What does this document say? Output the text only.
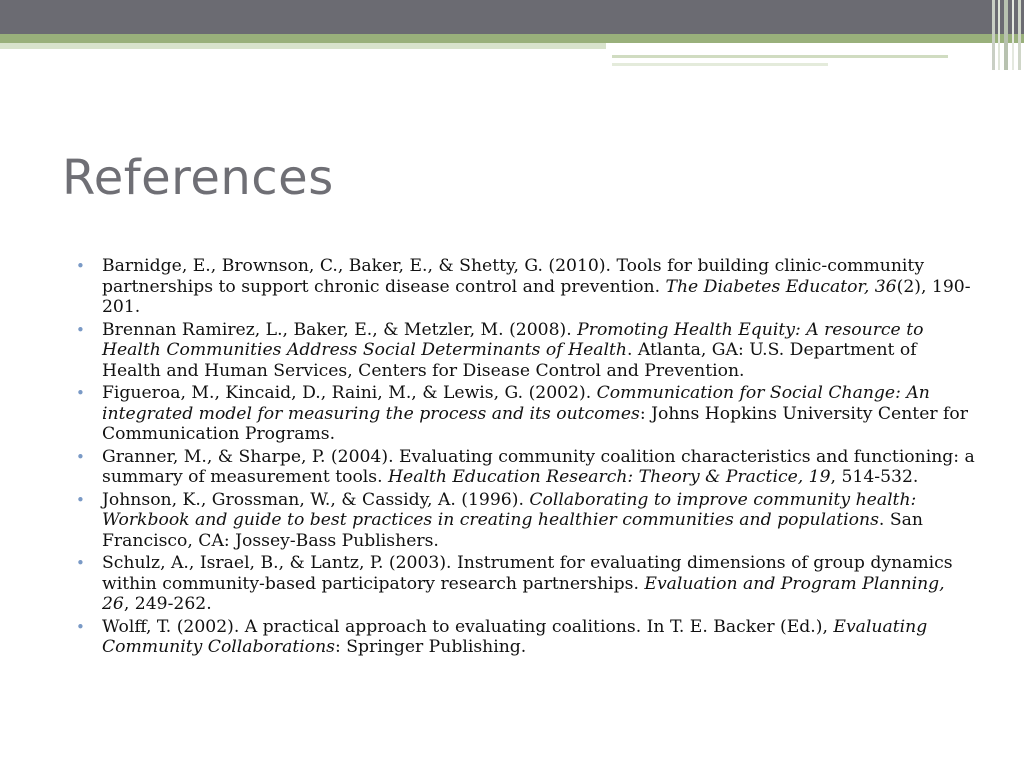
References
• Barnidge, E., Brownson, C., Baker, E., & Shetty, G. (2010). Tools for building clinic-community partnerships to support chronic disease control and prevention. The Diabetes Educator, 36(2), 190-201.
• Brennan Ramirez, L., Baker, E., & Metzler, M. (2008). Promoting Health Equity: A resource to Health Communities Address Social Determinants of Health. Atlanta, GA: U.S. Department of Health and Human Services, Centers for Disease Control and Prevention.
• Figueroa, M., Kincaid, D., Raini, M., & Lewis, G. (2002). Communication for Social Change: An integrated model for measuring the process and its outcomes: Johns Hopkins University Center for Communication Programs.
• Granner, M., & Sharpe, P. (2004). Evaluating community coalition characteristics and functioning: a summary of measurement tools. Health Education Research: Theory & Practice, 19, 514-532.
• Johnson, K., Grossman, W., & Cassidy, A. (1996). Collaborating to improve community health: Workbook and guide to best practices in creating healthier communities and populations. San Francisco, CA: Jossey-Bass Publishers.
• Schulz, A., Israel, B., & Lantz, P. (2003). Instrument for evaluating dimensions of group dynamics within community-based participatory research partnerships. Evaluation and Program Planning, 26, 249-262.
• Wolff, T. (2002). A practical approach to evaluating coalitions. In T. E. Backer (Ed.), Evaluating Community Collaborations: Springer Publishing.
